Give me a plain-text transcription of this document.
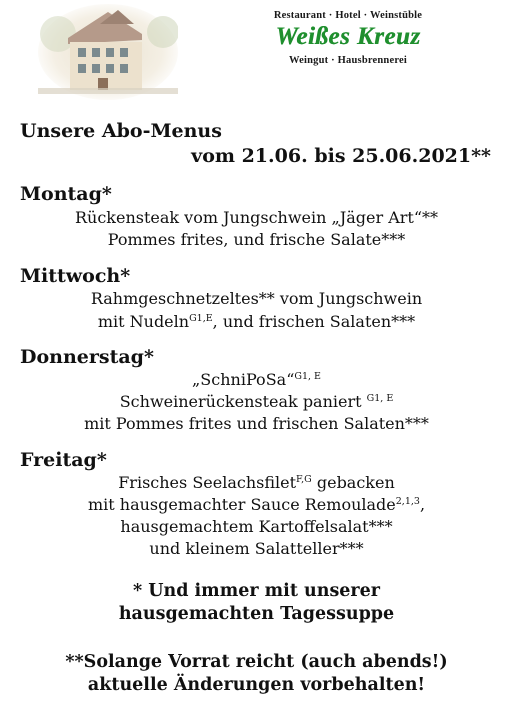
Restaurant · Hotel · Weinstüble
Weißes Kreuz
Weingut · Hausbrennerei
Unsere Abo-Menus
vom 21.06. bis 25.06.2021**
Montag*
Rückensteak vom Jungschwein „Jäger Art“**
Pommes frites, und frische Salate***
Mittwoch*
Rahmgeschnetzeltes** vom Jungschwein
mit Nudeln$^{G1,E}$, und frischen Salaten***
Donnerstag*
„SchniPoSa“$^{G1, E}$
Schweinerückensteak paniert $^{G1, E}$
mit Pommes frites und frischen Salaten***
Freitag*
Frisches Seelachsfilet$^{F,G}$ gebacken
mit hausgemachter Sauce Remoulade$^{2,1,3}$,
hausgemachtem Kartoffelsalat***
und kleinem Salatteller***
* Und immer mit unserer
hausgemachten Tagessuppe
**Solange Vorrat reicht (auch abends!)
aktuelle Änderungen vorbehalten!
